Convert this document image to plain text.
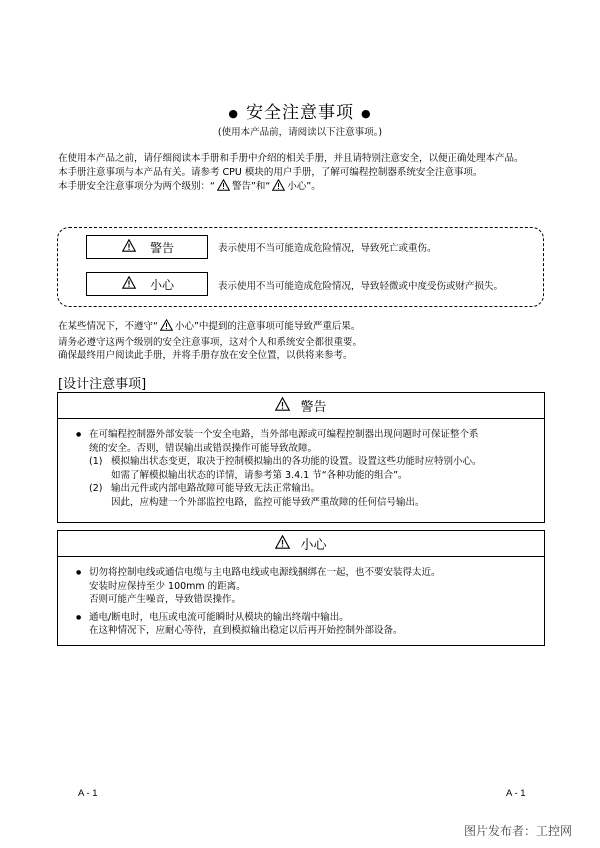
● 安全注意事项 ●
(使用本产品前，请阅读以下注意事项。)

在使用本产品之前，请仔细阅读本手册和手册中介绍的相关手册，并且请特别注意安全，以便正确处理本产品。

本手册注意事项与本产品有关。请参考 CPU 模块的用户手册，了解可编程控制器系统安全注意事项。

本手册安全注意事项分为两个级别：“ 警告”和“ 小心”。

警告	表示使用不当可能造成危险情况，导致死亡或重伤。
小心	表示使用不当可能造成危险情况，导致轻微或中度受伤或财产损失。

在某些情况下，不遵守“ 小心”中提到的注意事项可能导致严重后果。

请务必遵守这两个级别的安全注意事项，这对个人和系统安全都很重要。

确保最终用户阅读此手册，并将手册存放在安全位置，以供将来参考。

[设计注意事项]
警告

● 在可编程控制器外部安装一个安全电路，当外部电源或可编程控制器出现问题时可保证整个系

统的安全。否则，错误输出或错误操作可能导致故障。

(1) 模拟输出状态变更，取决于控制模拟输出的各功能的设置。设置这些功能时应特别小心。

如需了解模拟输出状态的详情，请参考第 3.4.1 节“各种功能的组合”。

(2) 输出元件或内部电路故障可能导致无法正常输出。

因此，应构建一个外部监控电路，监控可能导致严重故障的任何信号输出。

小心

● 切勿将控制电线或通信电缆与主电路电线或电源线捆绑在一起，也不要安装得太近。

安装时应保持至少 100mm 的距离。

否则可能产生噪音，导致错误操作。

● 通电/断电时，电压或电流可能瞬时从模块的输出终端中输出。

在这种情况下，应耐心等待，直到模拟输出稳定以后再开始控制外部设备。

A - 1	A - 1
图片发布者：工控网
